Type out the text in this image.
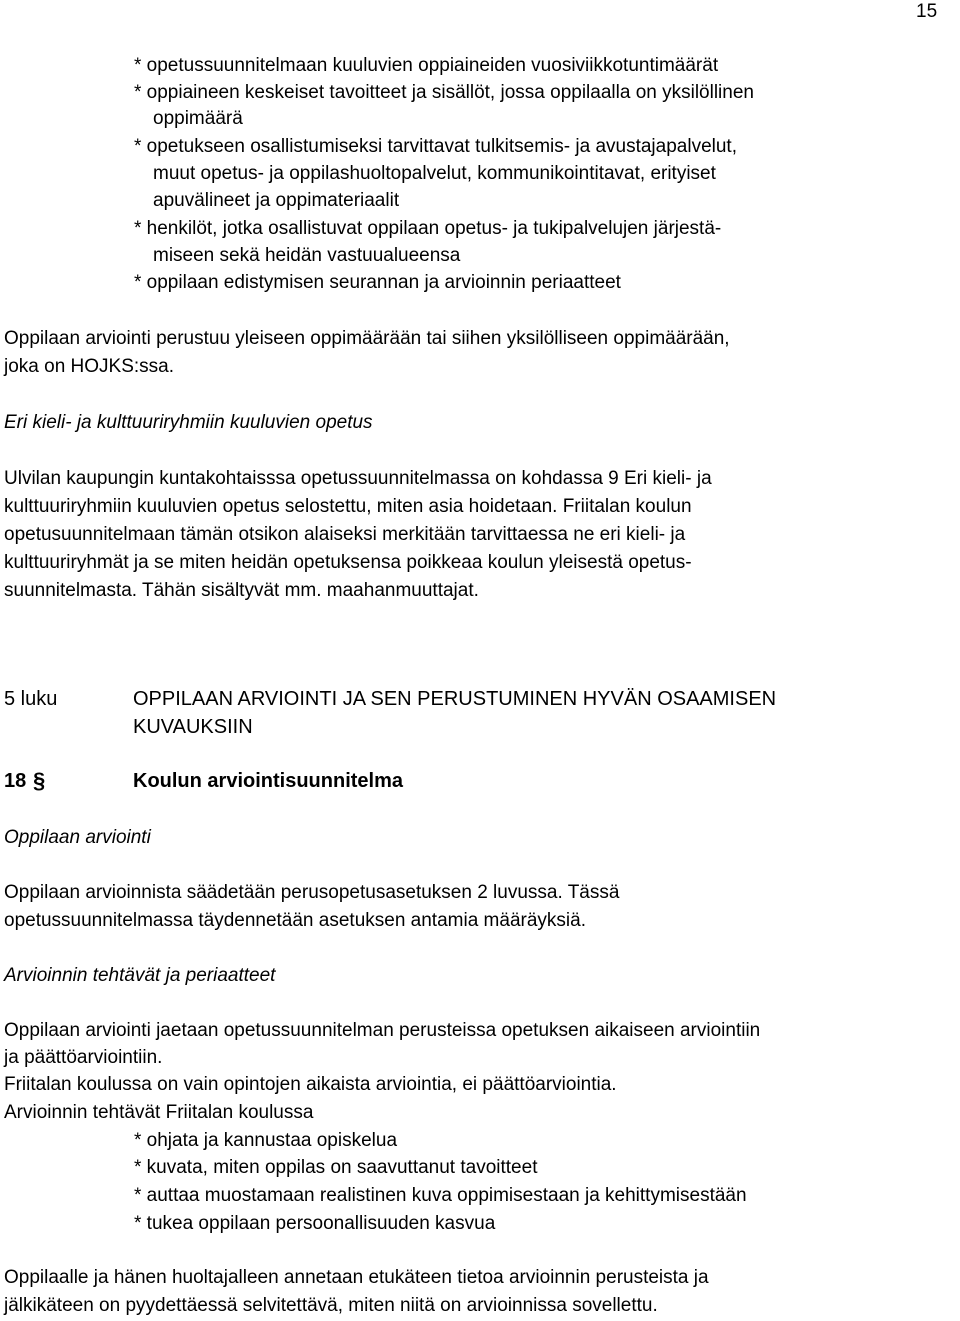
15
* opetussuunnitelmaan kuuluvien oppiaineiden vuosiviikkotuntimäärät
* oppiaineen keskeiset tavoitteet ja sisällöt, jossa oppilaalla on yksilöllinen
oppimäärä
* opetukseen osallistumiseksi tarvittavat tulkitsemis- ja avustajapalvelut,
muut opetus- ja oppilashuoltopalvelut, kommunikointitavat, erityiset
apuvälineet ja oppimateriaalit
* henkilöt, jotka osallistuvat oppilaan opetus- ja tukipalvelujen järjestä-
miseen sekä heidän vastuualueensa
* oppilaan edistymisen seurannan ja arvioinnin periaatteet
Oppilaan arviointi perustuu yleiseen oppimäärään tai siihen yksilölliseen oppimäärään,
joka on HOJKS:ssa.
Eri kieli- ja kulttuuriryhmiin kuuluvien opetus
Ulvilan kaupungin kuntakohtaisssa opetussuunnitelmassa on kohdassa 9 Eri kieli- ja
kulttuuriryhmiin kuuluvien opetus selostettu, miten asia hoidetaan. Friitalan koulun
opetusuunnitelmaan tämän otsikon alaiseksi merkitään tarvittaessa ne eri kieli- ja
kulttuuriryhmät ja se miten heidän opetuksensa poikkeaa koulun yleisestä opetus-
suunnitelmasta. Tähän sisältyvät mm. maahanmuuttajat.
5 luku	OPPILAAN ARVIOINTI JA SEN PERUSTUMINEN HYVÄN OSAAMISEN
KUVAUKSIIN
18 §	Koulun arviointisuunnitelma
Oppilaan arviointi
Oppilaan arvioinnista säädetään perusopetusasetuksen 2 luvussa. Tässä
opetussuunnitelmassa täydennetään asetuksen antamia määräyksiä.
Arvioinnin tehtävät ja periaatteet
Oppilaan arviointi jaetaan opetussuunnitelman perusteissa opetuksen aikaiseen arviointiin
ja päättöarviointiin.
Friitalan koulussa on vain opintojen aikaista arviointia, ei päättöarviointia.
Arvioinnin tehtävät Friitalan koulussa
* ohjata ja kannustaa opiskelua
* kuvata, miten oppilas on saavuttanut tavoitteet
* auttaa muostamaan realistinen kuva oppimisestaan ja kehittymisestään
* tukea oppilaan persoonallisuuden kasvua
Oppilaalle ja hänen huoltajalleen annetaan etukäteen tietoa arvioinnin perusteista ja
jälkikäteen on pyydettäessä selvitettävä, miten niitä on arvioinnissa sovellettu.
